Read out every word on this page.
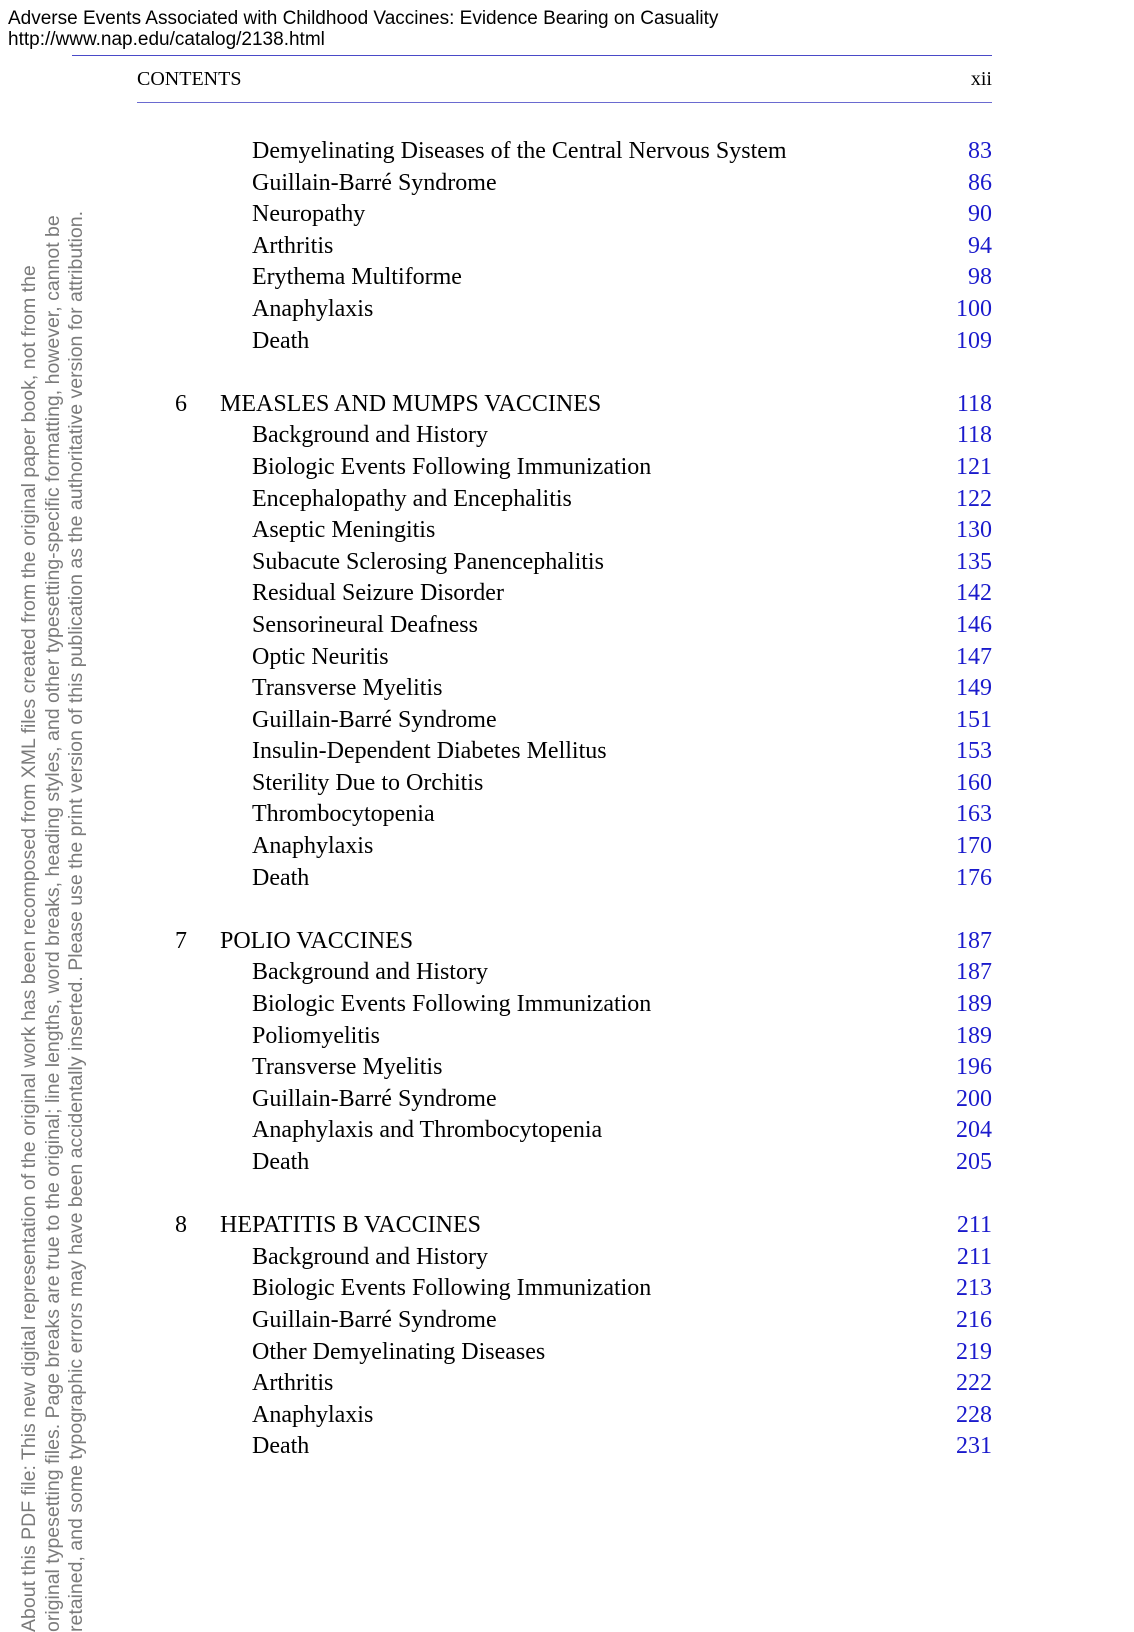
Adverse Events Associated with Childhood Vaccines: Evidence Bearing on Casuality
http://www.nap.edu/catalog/2138.html
About this PDF file: This new digital representation of the original work has been recomposed from XML files created from the original paper book, not from the original typesetting files. Page breaks are true to the original; line lengths, word breaks, heading styles, and other typesetting-specific formatting, however, cannot be retained, and some typographic errors may have been accidentally inserted. Please use the print version of this publication as the authoritative version for attribution.
CONTENTS	xii
Demyelinating Diseases of the Central Nervous System	83
Guillain-Barré Syndrome	86
Neuropathy	90
Arthritis	94
Erythema Multiforme	98
Anaphylaxis	100
Death	109
6 MEASLES AND MUMPS VACCINES	118
Background and History	118
Biologic Events Following Immunization	121
Encephalopathy and Encephalitis	122
Aseptic Meningitis	130
Subacute Sclerosing Panencephalitis	135
Residual Seizure Disorder	142
Sensorineural Deafness	146
Optic Neuritis	147
Transverse Myelitis	149
Guillain-Barré Syndrome	151
Insulin-Dependent Diabetes Mellitus	153
Sterility Due to Orchitis	160
Thrombocytopenia	163
Anaphylaxis	170
Death	176
7 POLIO VACCINES	187
Background and History	187
Biologic Events Following Immunization	189
Poliomyelitis	189
Transverse Myelitis	196
Guillain-Barré Syndrome	200
Anaphylaxis and Thrombocytopenia	204
Death	205
8 HEPATITIS B VACCINES	211
Background and History	211
Biologic Events Following Immunization	213
Guillain-Barré Syndrome	216
Other Demyelinating Diseases	219
Arthritis	222
Anaphylaxis	228
Death	231
